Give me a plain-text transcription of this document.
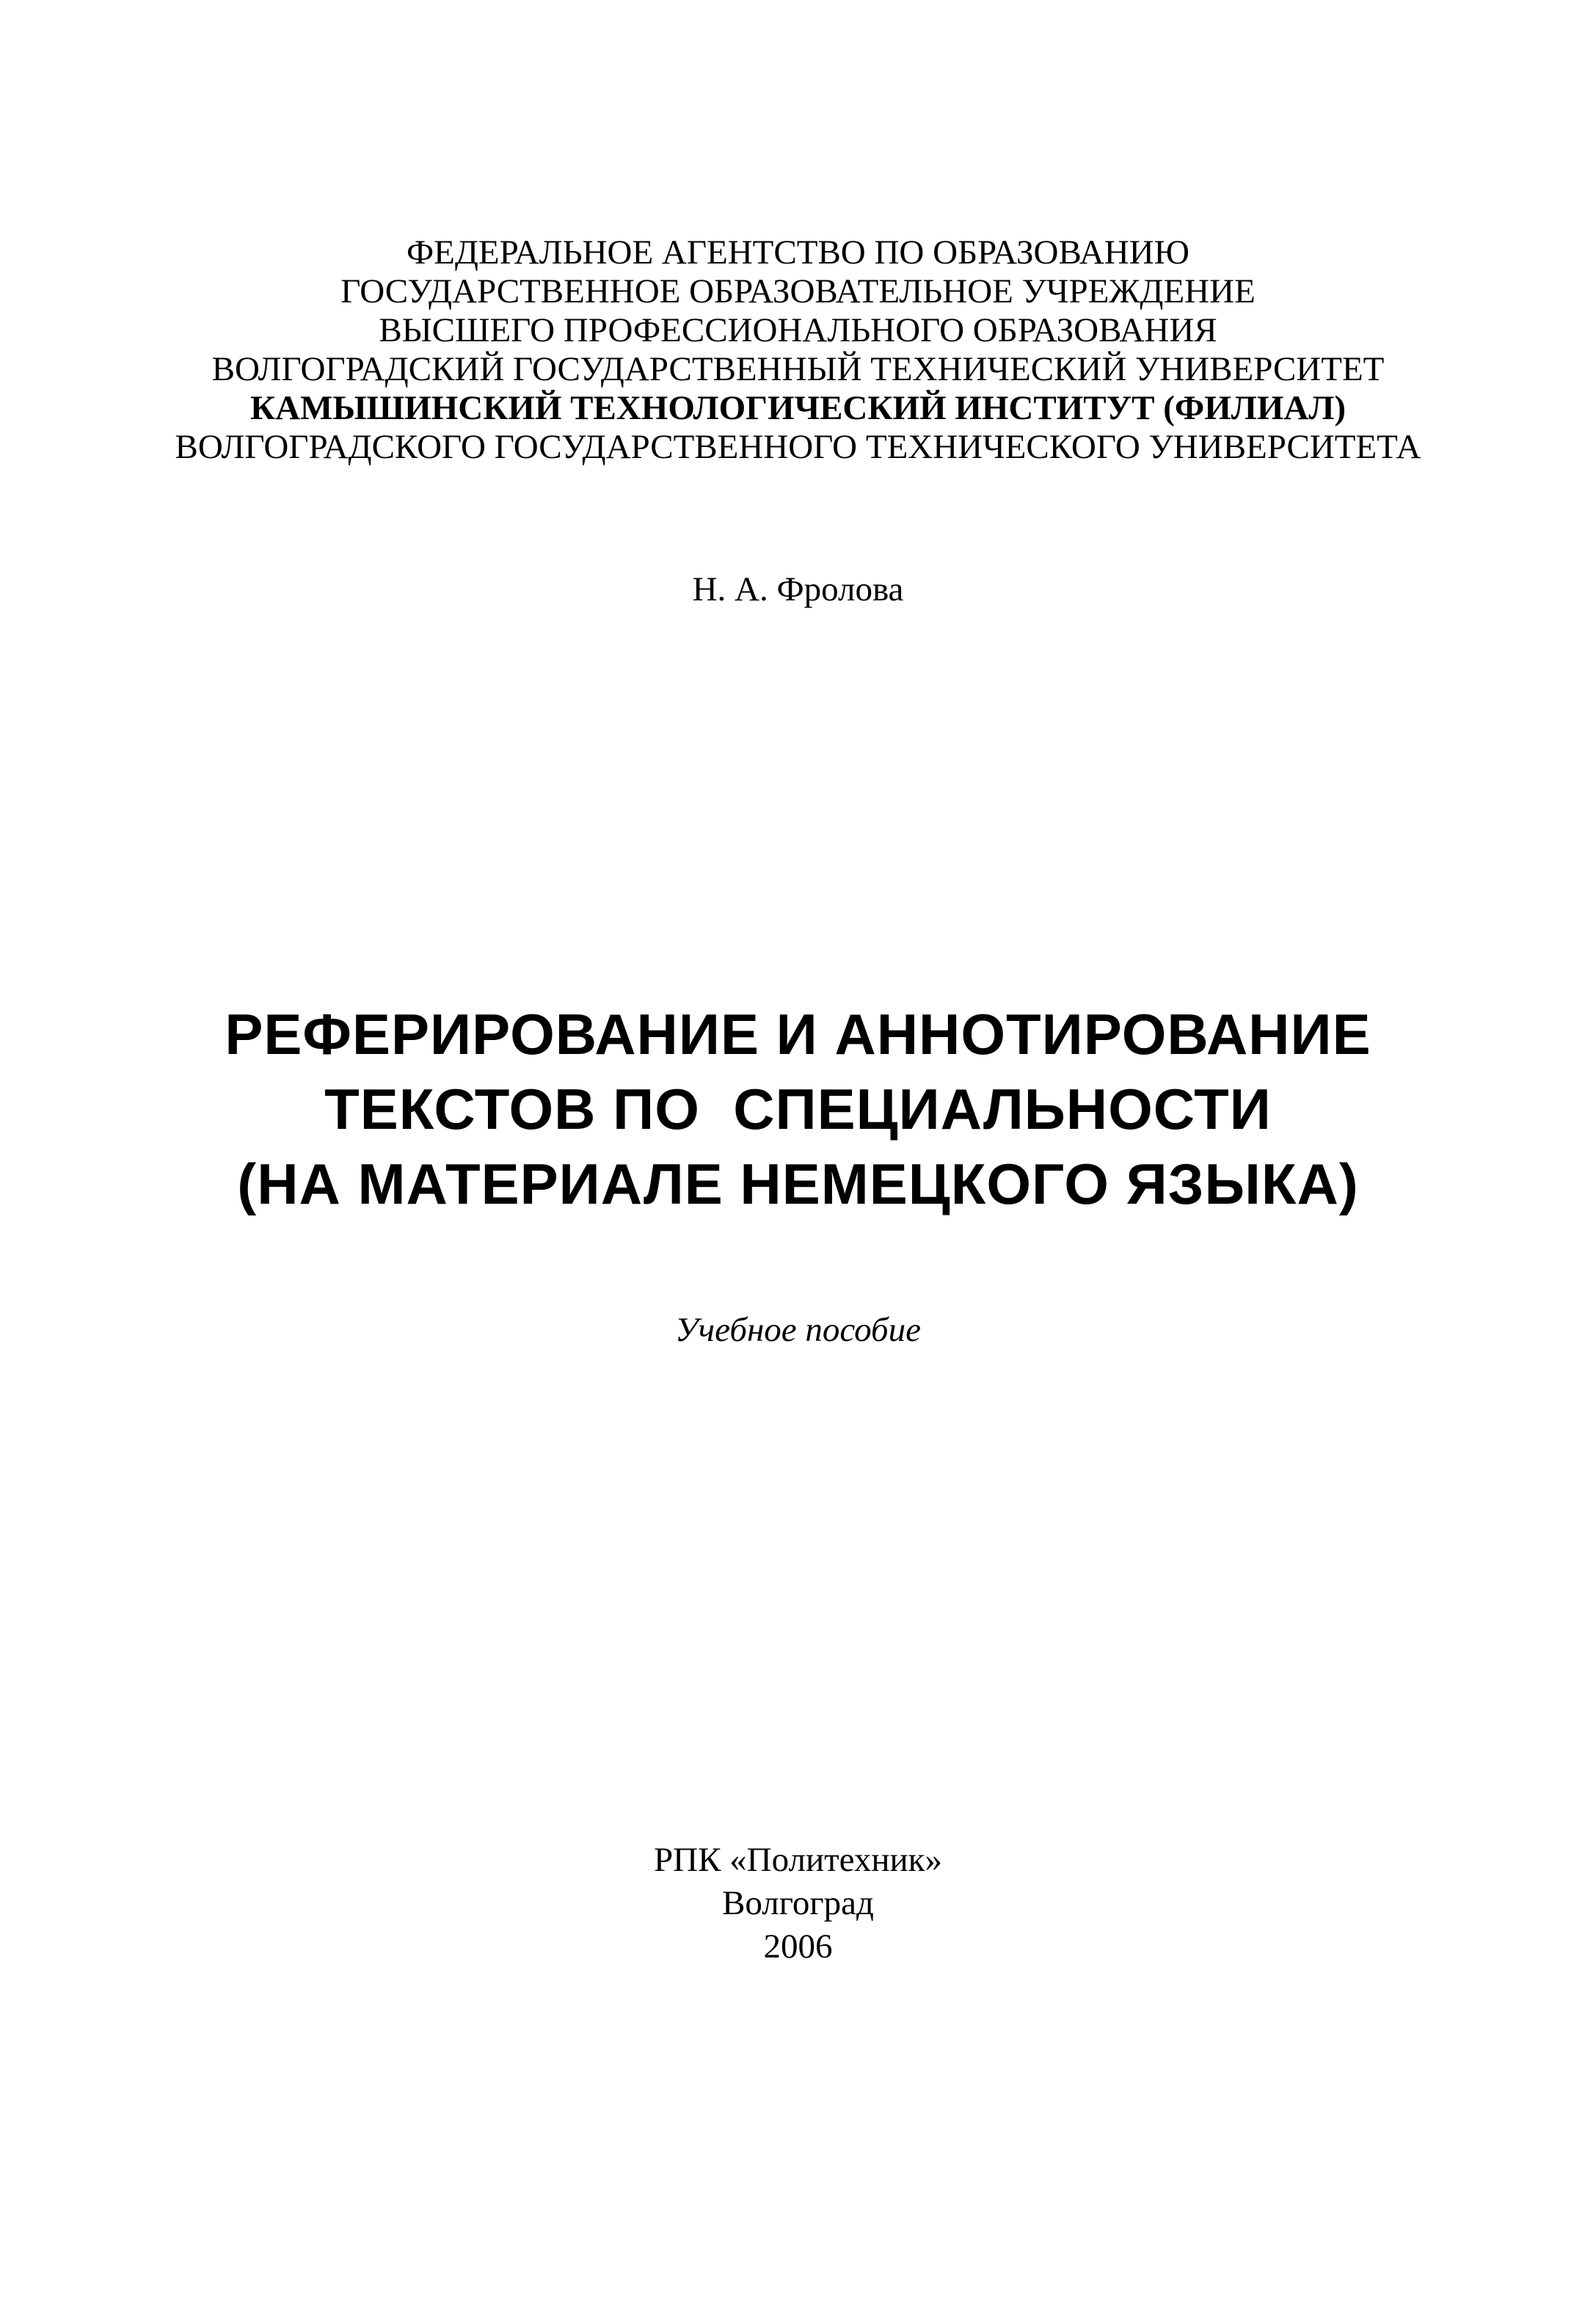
ФЕДЕРАЛЬНОЕ АГЕНТСТВО ПО ОБРАЗОВАНИЮ
ГОСУДАРСТВЕННОЕ ОБРАЗОВАТЕЛЬНОЕ УЧРЕЖДЕНИЕ
ВЫСШЕГО ПРОФЕССИОНАЛЬНОГО ОБРАЗОВАНИЯ
ВОЛГОГРАДСКИЙ ГОСУДАРСТВЕННЫЙ ТЕХНИЧЕСКИЙ УНИВЕРСИТЕТ
КАМЫШИНСКИЙ ТЕХНОЛОГИЧЕСКИЙ ИНСТИТУТ (ФИЛИАЛ)
ВОЛГОГРАДСКОГО ГОСУДАРСТВЕННОГО ТЕХНИЧЕСКОГО УНИВЕРСИТЕТА
Н. А. Фролова
РЕФЕРИРОВАНИЕ И АННОТИРОВАНИЕ
ТЕКСТОВ ПО  СПЕЦИАЛЬНОСТИ
(НА МАТЕРИАЛЕ НЕМЕЦКОГО ЯЗЫКА)
Учебное пособие
РПК «Политехник»
Волгоград
2006
